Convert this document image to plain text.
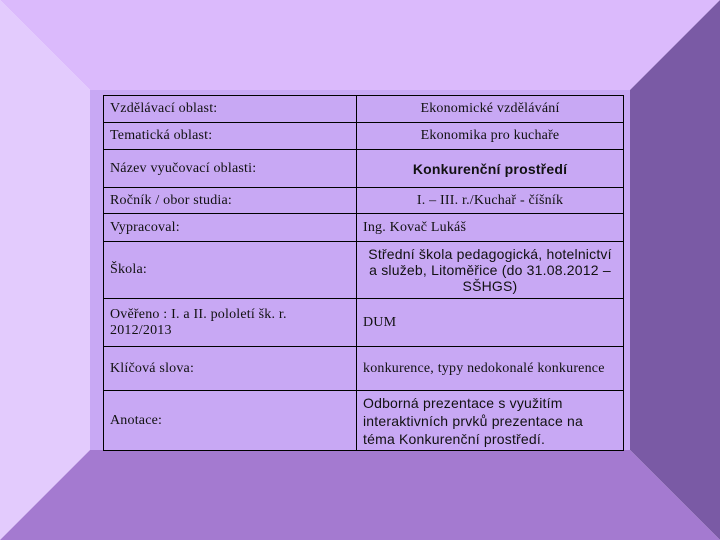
Vzdělávací oblast:	Ekonomické vzdělávání
Tematická oblast:	Ekonomika pro kuchaře
Název vyučovací oblasti:	Konkurenční prostředí
Ročník / obor studia:	I. – III. r./Kuchař - číšník
Vypracoval:	Ing. Kovač Lukáš
Škola:	Střední škola pedagogická, hotelnictví a služeb, Litoměřice (do 31.08.2012 – SŠHGS)
Ověřeno : I. a II. pololetí šk. r. 2012/2013	DUM
Klíčová slova:	konkurence, typy nedokonalé konkurence
Anotace:	Odborná prezentace s využitím interaktivních prvků prezentace na téma Konkurenční prostředí.
